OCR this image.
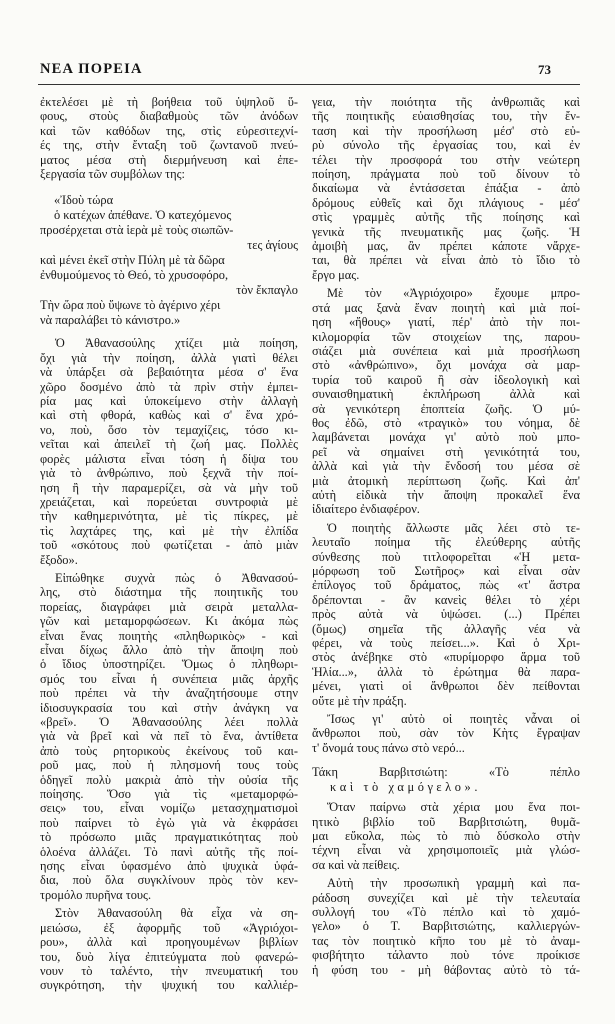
ΝΕΑ ΠΟΡΕΙΑ	73
ἐκτελέσει μὲ τὴ βοήθεια τοῦ ὑψηλοῦ ὕ-
φους, στοὺς διαβαθμοὺς τῶν ἀνόδων
καὶ τῶν καθόδων της, στὶς εὑρεσιτεχνί-
ές της, στὴν ἔνταξη τοῦ ζωντανοῦ πνεύ-
ματος μέσα στὴ διερμήνευση καὶ ἐπε-
ξεργασία τῶν συμβόλων της:
«Ἰδοὺ τώρα
ὁ κατέχων ἀπέθανε. Ὁ κατεχόμενος
προσέρχεται στὰ ἱερὰ μὲ τοὺς σιωπῶν-
τες ἁγίους
καὶ μένει ἐκεῖ στὴν Πύλη μὲ τὰ δῶρα
ἐνθυμούμενος τὸ Θεό, τὸ χρυσοφόρο,
τὸν ἔκπαγλο
Τὴν ὥρα ποὺ ὕψωνε τὸ ἀγέρινο χέρι
νὰ παραλάβει τὸ κάνιστρο.»
Ὁ Ἀθανασούλης χτίζει μιὰ ποίηση,
ὄχι γιὰ τὴν ποίηση, ἀλλὰ γιατὶ θέλει
νὰ ὑπάρξει σὰ βεβαιότητα μέσα σ' ἕνα
χῶρο δοσμένο ἀπὸ τὰ πρὶν στὴν ἐμπει-
ρία μας καὶ ὑποκείμενο στὴν ἀλλαγὴ
καὶ στὴ φθορά, καθὼς καὶ σ' ἕνα χρό-
νο, ποὺ, ὅσο τὸν τεμαχίζεις, τόσο κι-
νεῖται καὶ ἀπειλεῖ τὴ ζωή μας. Πολλὲς
φορὲς μάλιστα εἶναι τόση ἡ δίψα του
γιὰ τὸ ἀνθρώπινο, ποὺ ξεχνᾶ τὴν ποί-
ηση ἢ τὴν παραμερίζει, σὰ νὰ μὴν τοῦ
χρειάζεται, καὶ πορεύεται συντροφιὰ μὲ
τὴν καθημερινότητα, μὲ τὶς πίκρες, μὲ
τὶς λαχτάρες της, καὶ μὲ τὴν ἐλπίδα
τοῦ «σκότους ποὺ φωτίζεται - ἀπὸ μιὰν
ἔξοδο».
Εἰπώθηκε συχνὰ πὼς ὁ Ἀθανασού-
λης, στὸ διάστημα τῆς ποιητικῆς του
πορείας, διαγράφει μιὰ σειρὰ μεταλλα-
γῶν καὶ μεταμορφώσεων. Κι ἀκόμα πὼς
εἶναι ἕνας ποιητὴς «πληθωρικὸς» - καὶ
εἶναι δίχως ἄλλο ἀπὸ τὴν ἄποψη ποὺ
ὁ ἴδιος ὑποστηρίζει. Ὅμως ὁ πληθωρι-
σμός του εἶναι ἡ συνέπεια μιᾶς ἀρχῆς
ποὺ πρέπει νὰ τὴν ἀναζητήσουμε στην
ἰδιοσυγκρασία του καὶ στὴν ἀνάγκη να
«βρεῖ». Ὁ Ἀθανασούλης λέει πολλὰ
γιὰ νὰ βρεῖ καὶ νὰ πεῖ τὸ ἕνα, ἀντίθετα
ἀπὸ τοὺς ρητορικοὺς ἐκείνους τοῦ και-
ροῦ μας, ποὺ ἡ πλησμονή τους τοὺς
ὁδηγεῖ πολὺ μακριὰ ἀπὸ τὴν οὐσία τῆς
ποίησης. Ὅσο γιὰ τὶς «μεταμορφώ-
σεις» του, εἶναι νομίζω μετασχηματισμοὶ
ποὺ παίρνει τὸ ἐγὼ γιὰ νὰ ἐκφράσει
τὸ πρόσωπο μιᾶς πραγματικότητας ποὺ
ὁλοένα ἀλλάζει. Τὸ πανὶ αὐτῆς τῆς ποί-
ησης εἶναι ὑφασμένο ἀπὸ ψυχικὰ ὑφά-
δια, ποὺ ὅλα συγκλίνουν πρὸς τὸν κεν-
τρομόλο πυρῆνα τους.
Στὸν Ἀθανασούλη θὰ εἶχα νὰ ση-
μειώσω, ἐξ ἀφορμῆς τοῦ «Ἀγριόχοι-
ρου», ἀλλὰ καὶ προηγουμένων βιβλίων
του, δυὸ λίγα ἐπιτεύγματα ποὺ φανερώ-
νουν τὸ ταλέντο, τὴν πνευματική του
συγκρότηση, τὴν ψυχική του καλλιέρ-
γεια, τὴν ποιότητα τῆς ἀνθρωπιᾶς καὶ
τῆς ποιητικῆς εὐαισθησίας του, τὴν ἔν-
ταση καὶ τὴν προσήλωση μέσ' στὸ εὐ-
ρὺ σύνολο τῆς ἐργασίας του, καὶ ἐν
τέλει τὴν προσφορά του στὴν νεώτερη
ποίηση, πράγματα ποὺ τοῦ δίνουν τὸ
δικαίωμα νὰ ἐντάσσεται ἐπάξια - ἀπὸ
δρόμους εὐθεῖς καὶ ὄχι πλάγιους - μέσ'
στὶς γραμμὲς αὐτῆς τῆς ποίησης καὶ
γενικὰ τῆς πνευματικῆς μας ζωῆς. Ἡ
ἀμοιβὴ μας, ἂν πρέπει κάποτε νἄρχε-
ται, θὰ πρέπει νὰ εἶναι ἀπὸ τὸ ἴδιο τὸ
ἔργο μας.
Μὲ τὸν «Ἀγριόχοιρο» ἔχουμε μπρο-
στά μας ξανὰ ἕναν ποιητὴ καὶ μιὰ ποί-
ηση «ἤθους» γιατί, πέρ' ἀπὸ τὴν ποι-
κιλομορφία τῶν στοιχείων της, παρου-
σιάζει μιὰ συνέπεια καὶ μιὰ προσήλωση
στὸ «ἀνθρώπινο», ὄχι μονάχα σὰ μαρ-
τυρία τοῦ καιροῦ ἢ σὰν ἰδεολογικὴ καὶ
συναισθηματικὴ ἐκπλήρωση ἀλλὰ καὶ
σὰ γενικότερη ἐποπτεία ζωῆς. Ὁ μύ-
θος ἐδῶ, στὸ «τραγικὸ» του νόημα, δὲ
λαμβάνεται μονάχα γι' αὐτὸ ποὺ μπο-
ρεῖ νὰ σημαίνει στὴ γενικότητά του,
ἀλλὰ καὶ γιὰ τὴν ἔνδοσή του μέσα σὲ
μιὰ ἀτομικὴ περίπτωση ζωῆς. Καὶ ἀπ'
αὐτὴ εἰδικὰ τὴν ἄποψη προκαλεῖ ἕνα
ἰδιαίτερο ἐνδιαφέρον.
Ὁ ποιητὴς ἄλλωστε μᾶς λέει στὸ τε-
λευταῖο ποίημα τῆς ἐλεύθερης αὐτῆς
σύνθεσης ποὺ τιτλοφορεῖται «Ἡ μετα-
μόρφωση τοῦ Σωτῆρος» καὶ εἶναι σὰν
ἐπίλογος τοῦ δράματος, πὼς «τ' ἄστρα
δρέπονται - ἂν κανεὶς θέλει τὸ χέρι
πρὸς αὐτὰ νὰ ὑψώσει. (...) Πρέπει
(ὅμως) σημεῖα τῆς ἀλλαγῆς νέα νὰ
φέρει, νὰ τοὺς πείσει...». Καὶ ὁ Χρι-
στὸς ἀνέβηκε στὸ «πυρίμορφο ἅρμα τοῦ
Ἡλία...», ἀλλὰ τὸ ἐρώτημα θὰ παρα-
μένει, γιατὶ οἱ ἄνθρωποι δὲν πείθονται
οὔτε μὲ τὴν πράξη.
Ἴσως γι' αὐτὸ οἱ ποιητὲς νἆναι οἱ
ἄνθρωποι ποὺ, σὰν τὸν Κὴτς ἔγραψαν
τ' ὄνομά τους πάνω στὸ νερό...
Τάκη Βαρβιτσιώτη: «Τὸ πέπλο
καὶ τὸ χαμόγελο».
Ὅταν παίρνω στὰ χέρια μου ἕνα ποι-
ητικὸ βιβλίο τοῦ Βαρβιτσιώτη, θυμᾶ-
μαι εὔκολα, πὼς τὸ πιὸ δύσκολο στὴν
τέχνη εἶναι νὰ χρησιμοποιεῖς μιὰ γλώσ-
σα καὶ νὰ πείθεις.
Αὐτὴ τὴν προσωπικὴ γραμμὴ καὶ πα-
ράδοση συνεχίζει καὶ μὲ τὴν τελευταία
συλλογή του «Τὸ πέπλο καὶ τὸ χαμό-
γελο» ὁ Τ. Βαρβιτσιώτης, καλλιεργών-
τας τὸν ποιητικὸ κῆπο του μὲ τὸ ἀναμ-
φισβήτητο τάλαντο ποὺ τόνε προίκισε
ἡ φύση του - μὴ θάβοντας αὐτὸ τὸ τά-
